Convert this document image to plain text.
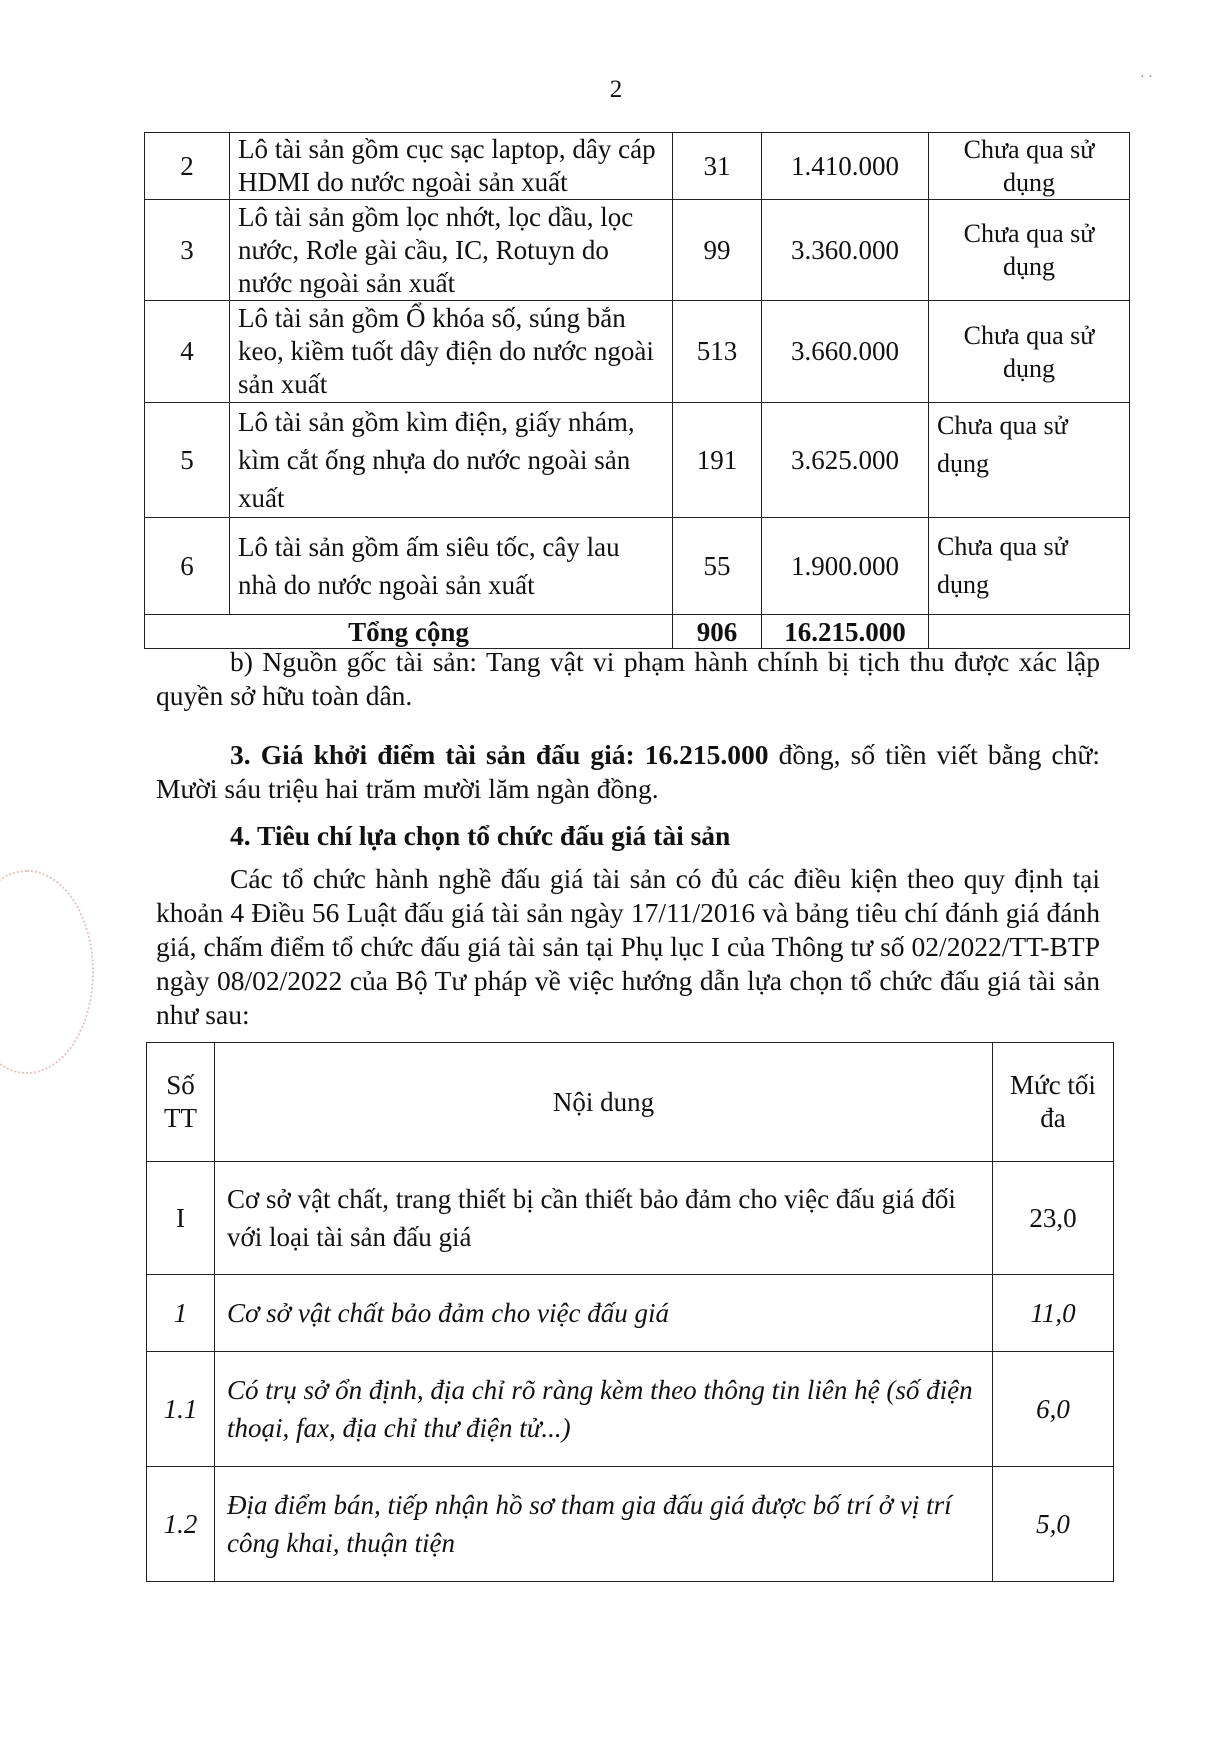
2	· ·
2	Lô tài sản gồm cục sạc laptop, dây cáp HDMI do nước ngoài sản xuất	31	1.410.000	Chưa qua sử dụng
3	Lô tài sản gồm lọc nhớt, lọc dầu, lọc nước, Rơle gài cầu, IC, Rotuyn do nước ngoài sản xuất	99	3.360.000	Chưa qua sử dụng
4	Lô tài sản gồm Ổ khóa số, súng bắn keo, kiềm tuốt dây điện do nước ngoài sản xuất	513	3.660.000	Chưa qua sử dụng
5	Lô tài sản gồm kìm điện, giấy nhám, kìm cắt ống nhựa do nước ngoài sản xuất	191	3.625.000	Chưa qua sử dụng
6	Lô tài sản gồm ấm siêu tốc, cây lau nhà do nước ngoài sản xuất	55	1.900.000	Chưa qua sử dụng
Tổng cộng		906	16.215.000	

b) Nguồn gốc tài sản: Tang vật vi phạm hành chính bị tịch thu được xác lập quyền sở hữu toàn dân.

3. Giá khởi điểm tài sản đấu giá: 16.215.000 đồng, số tiền viết bằng chữ: Mười sáu triệu hai trăm mười lăm ngàn đồng.

4. Tiêu chí lựa chọn tổ chức đấu giá tài sản

Các tổ chức hành nghề đấu giá tài sản có đủ các điều kiện theo quy định tại khoản 4 Điều 56 Luật đấu giá tài sản ngày 17/11/2016 và bảng tiêu chí đánh giá đánh giá, chấm điểm tổ chức đấu giá tài sản tại Phụ lục I của Thông tư số 02/2022/TT-BTP ngày 08/02/2022 của Bộ Tư pháp về việc hướng dẫn lựa chọn tổ chức đấu giá tài sản như sau:

Số TT	Nội dung	Mức tối đa
I	Cơ sở vật chất, trang thiết bị cần thiết bảo đảm cho việc đấu giá đối với loại tài sản đấu giá	23,0
1	Cơ sở vật chất bảo đảm cho việc đấu giá	11,0
1.1	Có trụ sở ổn định, địa chỉ rõ ràng kèm theo thông tin liên hệ (số điện thoại, fax, địa chỉ thư điện tử...)	6,0
1.2	Địa điểm bán, tiếp nhận hồ sơ tham gia đấu giá được bố trí ở vị trí công khai, thuận tiện	5,0
